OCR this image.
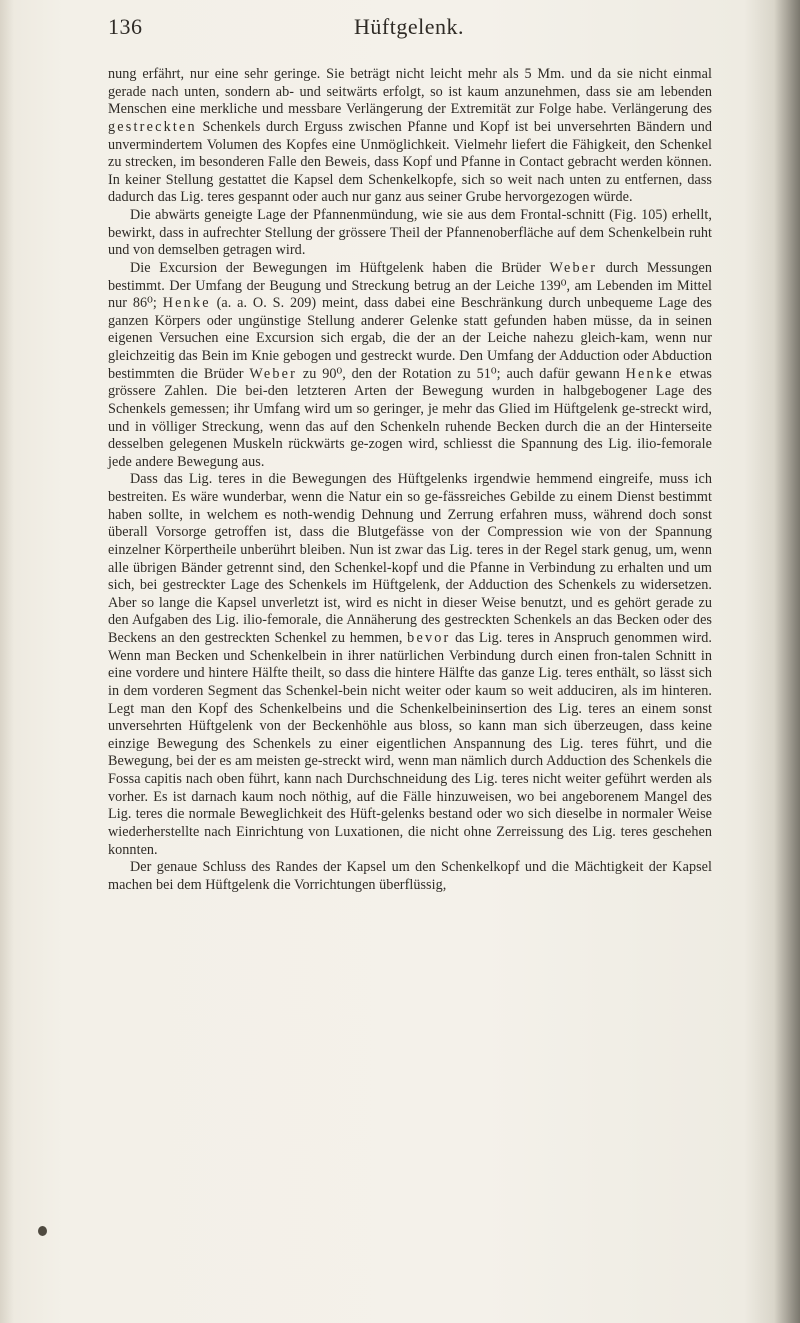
136	Hüftgelenk.

nung erfährt, nur eine sehr geringe. Sie beträgt nicht leicht mehr als 5 Mm. und da sie nicht einmal gerade nach unten, sondern ab- und seitwärts erfolgt, so ist kaum anzunehmen, dass sie am lebenden Menschen eine merkliche und messbare Verlängerung der Extremität zur Folge habe. Verlängerung des gestreckten Schenkels durch Erguss zwischen Pfanne und Kopf ist bei unversehrten Bändern und unvermindertem Volumen des Kopfes eine Unmöglichkeit. Vielmehr liefert die Fähigkeit, den Schenkel zu strecken, im besonderen Falle den Beweis, dass Kopf und Pfanne in Contact gebracht werden können. In keiner Stellung gestattet die Kapsel dem Schenkelkopfe, sich so weit nach unten zu entfernen, dass dadurch das Lig. teres gespannt oder auch nur ganz aus seiner Grube hervorgezogen würde.

Die abwärts geneigte Lage der Pfannenmündung, wie sie aus dem Frontal-schnitt (Fig. 105) erhellt, bewirkt, dass in aufrechter Stellung der grössere Theil der Pfannenoberfläche auf dem Schenkelbein ruht und von demselben getragen wird.

Die Excursion der Bewegungen im Hüftgelenk haben die Brüder Weber durch Messungen bestimmt. Der Umfang der Beugung und Streckung betrug an der Leiche 139⁰, am Lebenden im Mittel nur 86⁰; Henke (a. a. O. S. 209) meint, dass dabei eine Beschränkung durch unbequeme Lage des ganzen Körpers oder ungünstige Stellung anderer Gelenke statt gefunden haben müsse, da in seinen eigenen Versuchen eine Excursion sich ergab, die der an der Leiche nahezu gleich-kam, wenn nur gleichzeitig das Bein im Knie gebogen und gestreckt wurde. Den Umfang der Adduction oder Abduction bestimmten die Brüder Weber zu 90⁰, den der Rotation zu 51⁰; auch dafür gewann Henke etwas grössere Zahlen. Die bei-den letzteren Arten der Bewegung wurden in halbgebogener Lage des Schenkels gemessen; ihr Umfang wird um so geringer, je mehr das Glied im Hüftgelenk ge-streckt wird, und in völliger Streckung, wenn das auf den Schenkeln ruhende Becken durch die an der Hinterseite desselben gelegenen Muskeln rückwärts ge-zogen wird, schliesst die Spannung des Lig. ilio-femorale jede andere Bewegung aus.

Dass das Lig. teres in die Bewegungen des Hüftgelenks irgendwie hemmend eingreife, muss ich bestreiten. Es wäre wunderbar, wenn die Natur ein so ge-fässreiches Gebilde zu einem Dienst bestimmt haben sollte, in welchem es noth-wendig Dehnung und Zerrung erfahren muss, während doch sonst überall Vorsorge getroffen ist, dass die Blutgefässe von der Compression wie von der Spannung einzelner Körpertheile unberührt bleiben. Nun ist zwar das Lig. teres in der Regel stark genug, um, wenn alle übrigen Bänder getrennt sind, den Schenkel-kopf und die Pfanne in Verbindung zu erhalten und um sich, bei gestreckter Lage des Schenkels im Hüftgelenk, der Adduction des Schenkels zu widersetzen. Aber so lange die Kapsel unverletzt ist, wird es nicht in dieser Weise benutzt, und es gehört gerade zu den Aufgaben des Lig. ilio-femorale, die Annäherung des gestreckten Schenkels an das Becken oder des Beckens an den gestreckten Schenkel zu hemmen, bevor das Lig. teres in Anspruch genommen wird. Wenn man Becken und Schenkelbein in ihrer natürlichen Verbindung durch einen fron-talen Schnitt in eine vordere und hintere Hälfte theilt, so dass die hintere Hälfte das ganze Lig. teres enthält, so lässt sich in dem vorderen Segment das Schenkel-bein nicht weiter oder kaum so weit adduciren, als im hinteren. Legt man den Kopf des Schenkelbeins und die Schenkelbeininsertion des Lig. teres an einem sonst unversehrten Hüftgelenk von der Beckenhöhle aus bloss, so kann man sich überzeugen, dass keine einzige Bewegung des Schenkels zu einer eigentlichen Anspannung des Lig. teres führt, und die Bewegung, bei der es am meisten ge-streckt wird, wenn man nämlich durch Adduction des Schenkels die Fossa capitis nach oben führt, kann nach Durchschneidung des Lig. teres nicht weiter geführt werden als vorher. Es ist darnach kaum noch nöthig, auf die Fälle hinzuweisen, wo bei angeborenem Mangel des Lig. teres die normale Beweglichkeit des Hüft-gelenks bestand oder wo sich dieselbe in normaler Weise wiederherstellte nach Einrichtung von Luxationen, die nicht ohne Zerreissung des Lig. teres geschehen konnten.

Der genaue Schluss des Randes der Kapsel um den Schenkelkopf und die Mächtigkeit der Kapsel machen bei dem Hüftgelenk die Vorrichtungen überflüssig,
